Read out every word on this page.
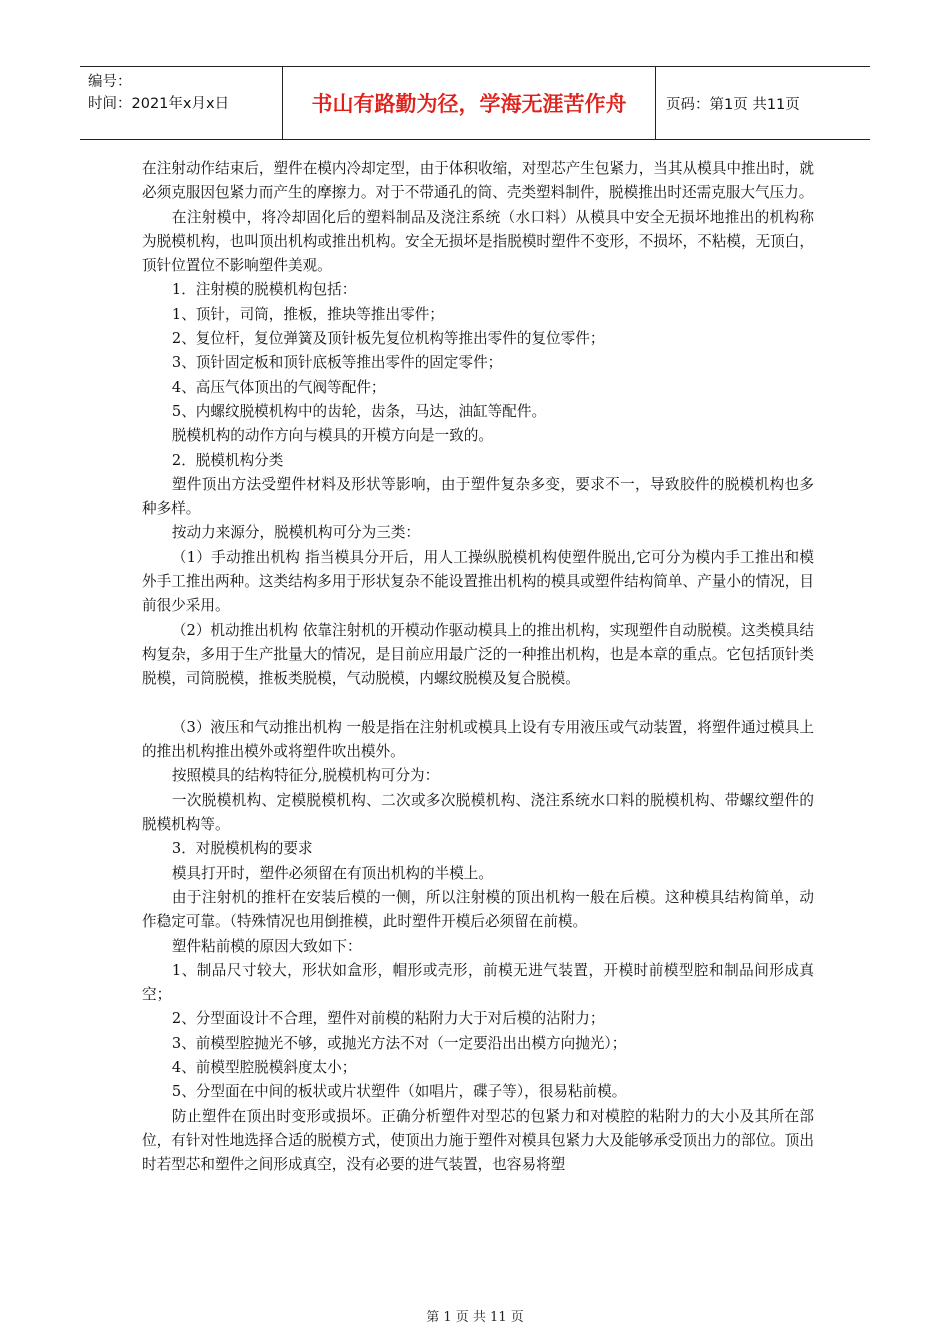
编号：
时间：2021年x月x日	书山有路勤为径，学海无涯苦作舟	页码：第1页 共11页

在注射动作结束后，塑件在模内冷却定型，由于体积收缩，对型芯产生包紧力，当其从模具中推出时，就必须克服因包紧力而产生的摩擦力。对于不带通孔的筒、壳类塑料制件，脱模推出时还需克服大气压力。

在注射模中，将冷却固化后的塑料制品及浇注系统（水口料）从模具中安全无损坏地推出的机构称为脱模机构，也叫顶出机构或推出机构。安全无损坏是指脱模时塑件不变形，不损坏，不粘模，无顶白，顶针位置位不影响塑件美观。

1．注射模的脱模机构包括：

1、顶针，司筒，推板，推块等推出零件；

2、复位杆，复位弹簧及顶针板先复位机构等推出零件的复位零件；

3、顶针固定板和顶针底板等推出零件的固定零件；

4、高压气体顶出的气阀等配件；

5、内螺纹脱模机构中的齿轮，齿条，马达，油缸等配件。

脱模机构的动作方向与模具的开模方向是一致的。

2．脱模机构分类

塑件顶出方法受塑件材料及形状等影响，由于塑件复杂多变，要求不一，导致胶件的脱模机构也多种多样。

按动力来源分，脱模机构可分为三类：

（1）手动推出机构 指当模具分开后，用人工操纵脱模机构使塑件脱出,它可分为模内手工推出和模外手工推出两种。这类结构多用于形状复杂不能设置推出机构的模具或塑件结构简单、产量小的情况，目前很少采用。

（2）机动推出机构 依靠注射机的开模动作驱动模具上的推出机构，实现塑件自动脱模。这类模具结构复杂，多用于生产批量大的情况，是目前应用最广泛的一种推出机构，也是本章的重点。它包括顶针类脱模，司筒脱模，推板类脱模，气动脱模，内螺纹脱模及复合脱模。

（3）液压和气动推出机构 一般是指在注射机或模具上设有专用液压或气动装置，将塑件通过模具上的推出机构推出模外或将塑件吹出模外。

按照模具的结构特征分,脱模机构可分为：

一次脱模机构、定模脱模机构、二次或多次脱模机构、浇注系统水口料的脱模机构、带螺纹塑件的脱模机构等。

3．对脱模机构的要求

模具打开时，塑件必须留在有顶出机构的半模上。

由于注射机的推杆在安装后模的一侧，所以注射模的顶出机构一般在后模。这种模具结构简单，动作稳定可靠。（特殊情况也用倒推模，此时塑件开模后必须留在前模。

塑件粘前模的原因大致如下：

1、制品尺寸较大，形状如盒形，帽形或壳形，前模无进气装置，开模时前模型腔和制品间形成真空；

2、分型面设计不合理，塑件对前模的粘附力大于对后模的沾附力；

3、前模型腔抛光不够，或抛光方法不对（一定要沿出出模方向抛光）；

4、前模型腔脱模斜度太小；

5、分型面在中间的板状或片状塑件（如唱片，碟子等），很易粘前模。

防止塑件在顶出时变形或损坏。正确分析塑件对型芯的包紧力和对模腔的粘附力的大小及其所在部位，有针对性地选择合适的脱模方式，使顶出力施于塑件对模具包紧力大及能够承受顶出力的部位。顶出时若型芯和塑件之间形成真空，没有必要的进气装置，也容易将塑

第 1 页 共 11 页
